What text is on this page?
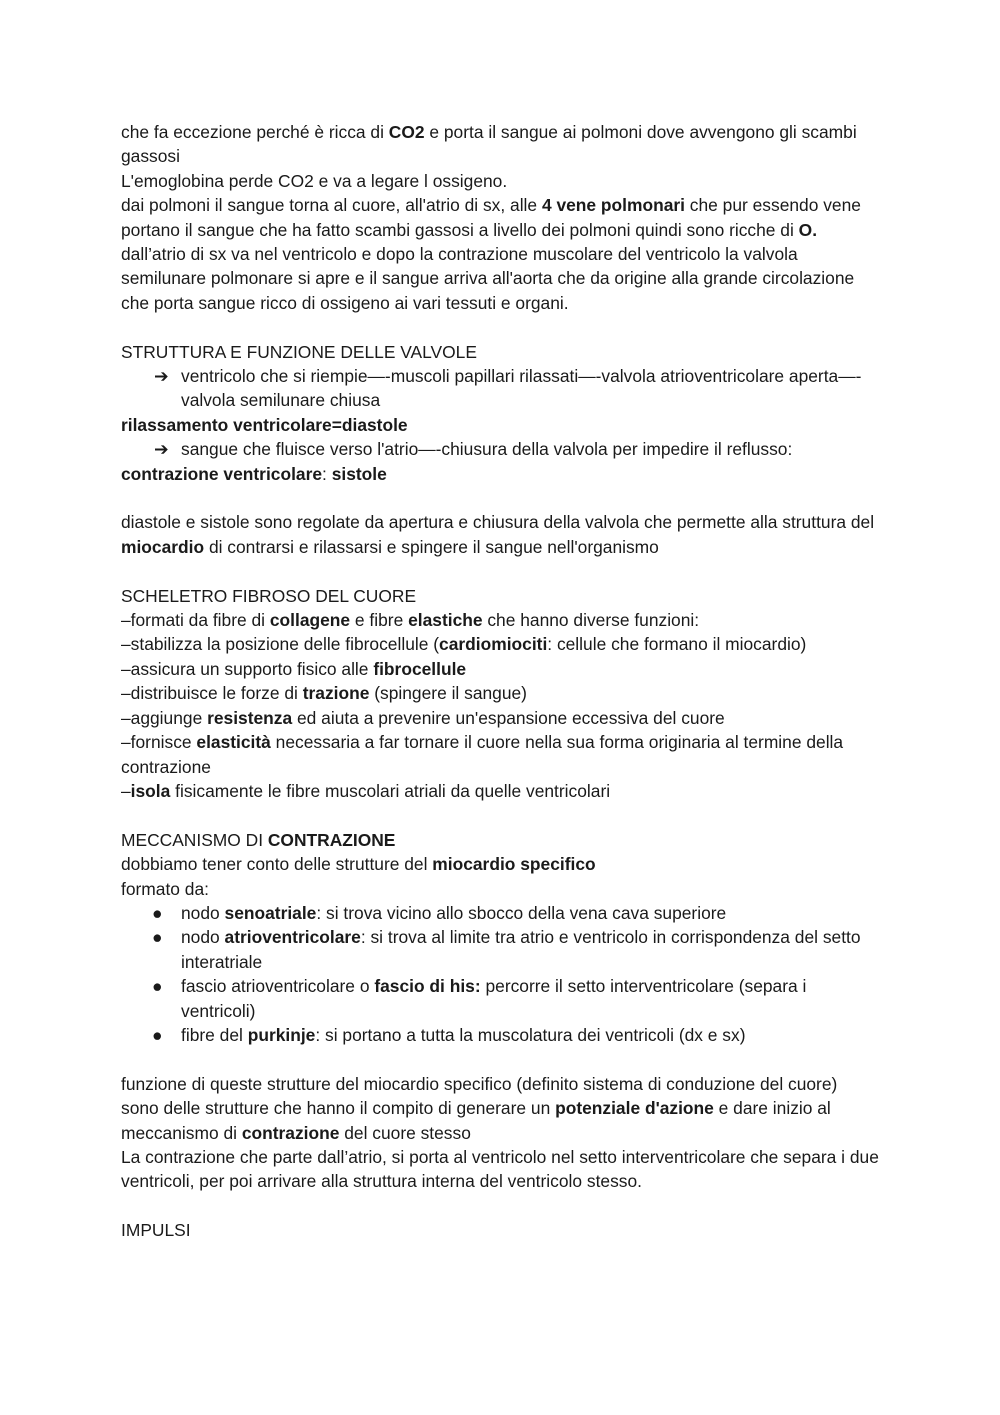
che fa eccezione perché è ricca di CO2 e porta il sangue ai polmoni dove avvengono gli scambi gassosi

L'emoglobina perde CO2 e va a legare l ossigeno.

dai polmoni il sangue torna al cuore, all'atrio di sx, alle 4 vene polmonari che pur essendo vene portano il sangue che ha fatto scambi gassosi a livello dei polmoni quindi sono ricche di O.

dall’atrio di sx va nel ventricolo e dopo la contrazione muscolare del ventricolo la valvola semilunare polmonare si apre e il sangue arriva all'aorta che da origine alla grande circolazione che porta sangue ricco di ossigeno ai vari tessuti e organi.

STRUTTURA E FUNZIONE DELLE VALVOLE

➔ ventricolo che si riempie—-muscoli papillari rilassati—-valvola atrioventricolare aperta—-valvola semilunare chiusa

rilassamento ventricolare=diastole

➔ sangue che fluisce verso l'atrio—-chiusura della valvola per impedire il reflusso:

contrazione ventricolare: sistole

diastole e sistole sono regolate da apertura e chiusura della valvola che permette alla struttura del miocardio di contrarsi e rilassarsi e spingere il sangue nell'organismo

SCHELETRO FIBROSO DEL CUORE

–formati da fibre di collagene e fibre elastiche che hanno diverse funzioni:

–stabilizza la posizione delle fibrocellule (cardiomiociti: cellule che formano il miocardio)

–assicura un supporto fisico alle fibrocellule

–distribuisce le forze di trazione (spingere il sangue)

–aggiunge resistenza ed aiuta a prevenire un'espansione eccessiva del cuore

–fornisce elasticità necessaria a far tornare il cuore nella sua forma originaria al termine della contrazione

–isola fisicamente le fibre muscolari atriali da quelle ventricolari

MECCANISMO DI CONTRAZIONE

dobbiamo tener conto delle strutture del miocardio specifico

formato da:

● nodo senoatriale: si trova vicino allo sbocco della vena cava superiore

● nodo atrioventricolare: si trova al limite tra atrio e ventricolo in corrispondenza del setto interatriale

● fascio atrioventricolare o fascio di his: percorre il setto interventricolare (separa i ventricoli)

● fibre del purkinje: si portano a tutta la muscolatura dei ventricoli (dx e sx)

funzione di queste strutture del miocardio specifico (definito sistema di conduzione del cuore)

sono delle strutture che hanno il compito di generare un potenziale d'azione e dare inizio al meccanismo di contrazione del cuore stesso

La contrazione che parte dall’atrio, si porta al ventricolo nel setto interventricolare che separa i due ventricoli, per poi arrivare alla struttura interna del ventricolo stesso.

IMPULSI
